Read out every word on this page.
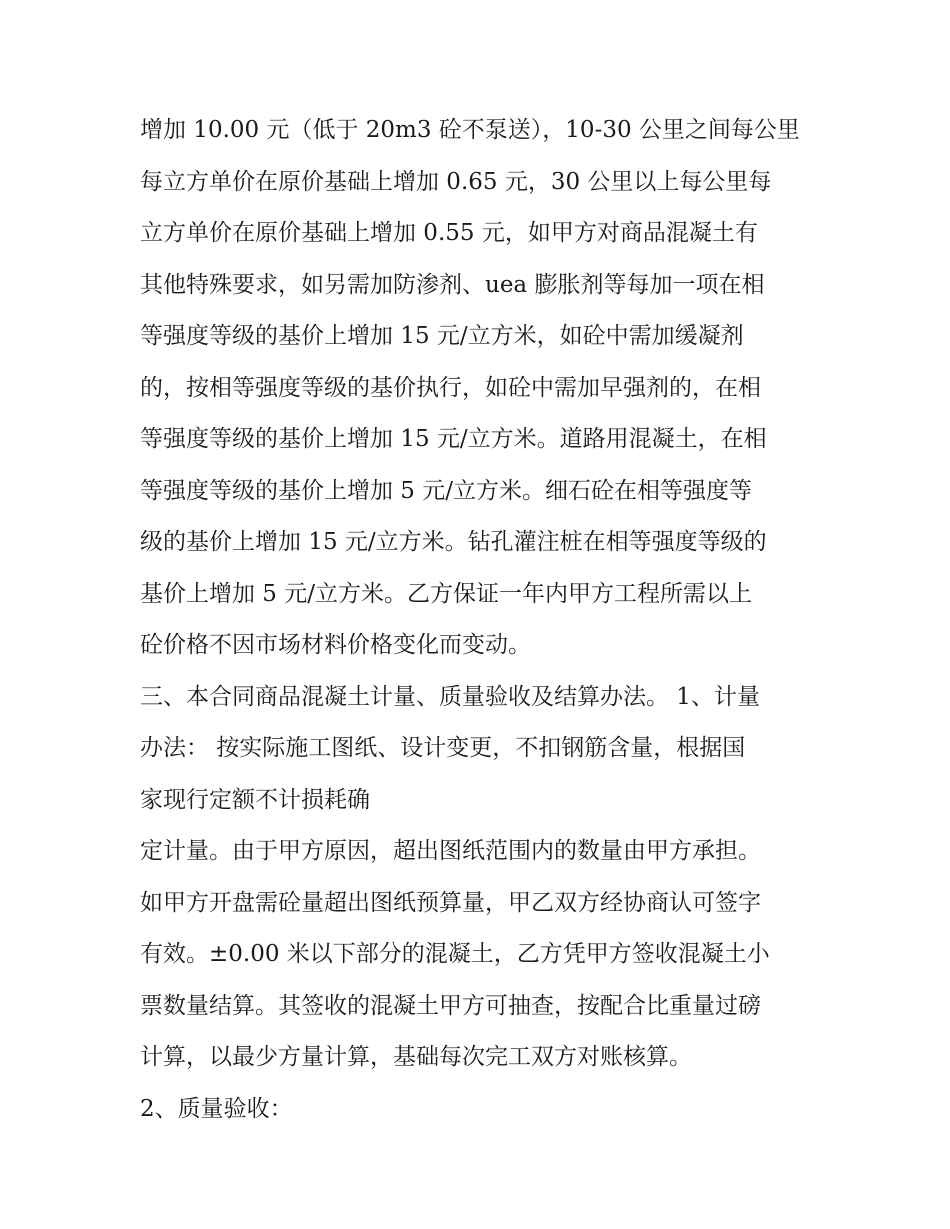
增加 10.00 元（低于 20m3 砼不泵送），10-30 公里之间每公里
每立方单价在原价基础上增加 0.65 元，30 公里以上每公里每
立方单价在原价基础上增加 0.55 元，如甲方对商品混凝土有
其他特殊要求，如另需加防渗剂、uea 膨胀剂等每加一项在相
等强度等级的基价上增加 15 元/立方米，如砼中需加缓凝剂
的，按相等强度等级的基价执行，如砼中需加早强剂的，在相
等强度等级的基价上增加 15 元/立方米。道路用混凝土，在相
等强度等级的基价上增加 5 元/立方米。细石砼在相等强度等
级的基价上增加 15 元/立方米。钻孔灌注桩在相等强度等级的
基价上增加 5 元/立方米。乙方保证一年内甲方工程所需以上
砼价格不因市场材料价格变化而变动。
三、本合同商品混凝土计量、质量验收及结算办法。 1、计量
办法： 按实际施工图纸、设计变更，不扣钢筋含量，根据国
家现行定额不计损耗确
定计量。由于甲方原因，超出图纸范围内的数量由甲方承担。
如甲方开盘需砼量超出图纸预算量，甲乙双方经协商认可签字
有效。±0.00 米以下部分的混凝土，乙方凭甲方签收混凝土小
票数量结算。其签收的混凝土甲方可抽查，按配合比重量过磅
计算，以最少方量计算，基础每次完工双方对账核算。
2、质量验收：
